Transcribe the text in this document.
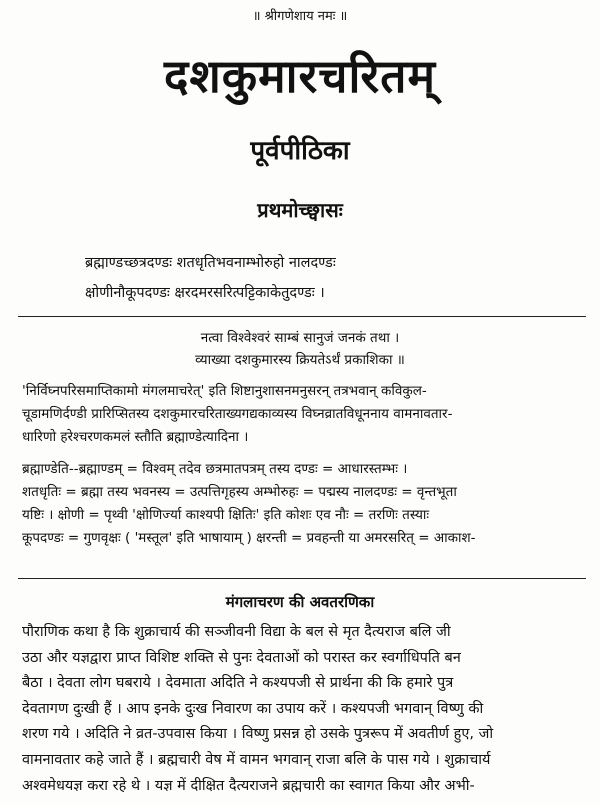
॥ श्रीगणेशाय नमः ॥
दशकुमारचरितम्
पूर्वपीठिका
प्रथमोच्छ्वासः
ब्रह्माण्डच्छत्रदण्डः शतधृतिभवनाम्भोरुहो नालदण्डः
क्षोणीनौकूपदण्डः क्षरदमरसरित्पट्टिकाकेतुदण्डः ।
नत्वा विश्वेश्वरं साम्बं सानुजं जनकं तथा ।
व्याख्या दशकुमारस्य क्रियतेऽर्थं प्रकाशिका ॥
'निर्विघ्नपरिसमाप्तिकामो मंगलमाचरेत्' इति शिष्टानुशासनमनुसरन् तत्रभवान् कविकुल-
चूडामणिर्दण्डी प्रारिप्सितस्य दशकुमारचरिताख्यगद्यकाव्यस्य विघ्नव्रातविधूननाय वामनावतार-
धारिणो हरेश्चरणकमलं स्तौति ब्रह्माण्डेत्यादिना ।
ब्रह्माण्डेति--ब्रह्माण्डम् = विश्वम् तदेव छत्रमातपत्रम् तस्य दण्डः = आधारस्तम्भः ।
शतधृतिः = ब्रह्मा तस्य भवनस्य = उत्पत्तिगृहस्य अम्भोरुहः = पद्मस्य नालदण्डः = वृन्तभूता
यष्टिः । क्षोणी = पृथ्वी 'क्षोणिर्ज्या काश्यपी क्षितिः' इति कोशः एव नौः = तरणिः तस्याः
कूपदण्डः = गुणवृक्षः ( 'मस्तूल' इति भाषायाम् ) क्षरन्ती = प्रवहन्ती या अमरसरित् = आकाश-
मंगलाचरण की अवतरणिका
पौराणिक कथा है कि शुक्राचार्य की सञ्जीवनी विद्या के बल से मृत दैत्यराज बलि जी
उठा और यज्ञद्वारा प्राप्त विशिष्ट शक्ति से पुनः देवताओं को परास्त कर स्वर्गाधिपति बन
बैठा । देवता लोग घबराये । देवमाता अदिति ने कश्यपजी से प्रार्थना की कि हमारे पुत्र
देवतागण दुःखी हैं । आप इनके दुःख निवारण का उपाय करें । कश्यपजी भगवान् विष्णु की
शरण गये । अदिति ने व्रत-उपवास किया । विष्णु प्रसन्न हो उसके पुत्ररूप में अवतीर्ण हुए, जो
वामनावतार कहे जाते हैं । ब्रह्मचारी वेष में वामन भगवान् राजा बलि के पास गये । शुक्राचार्य
अश्वमेधयज्ञ करा रहे थे । यज्ञ में दीक्षित दैत्यराजने ब्रह्मचारी का स्वागत किया और अभी-
